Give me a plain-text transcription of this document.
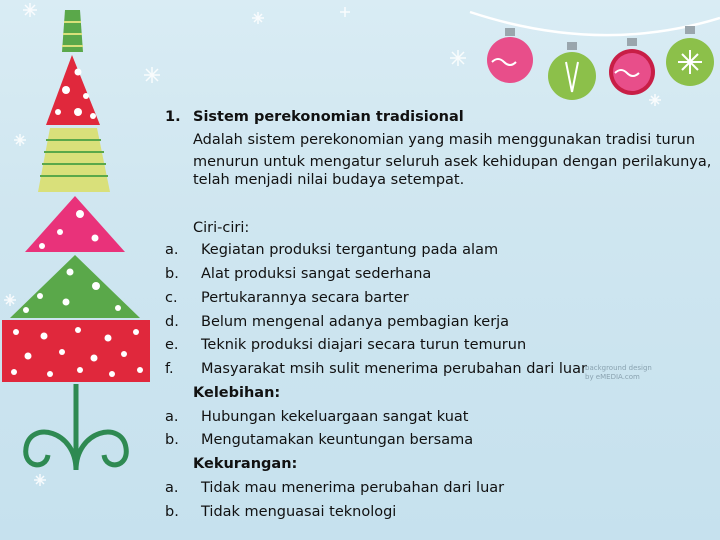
1. Sistem perekonomian tradisional
Adalah sistem perekonomian yang masih menggunakan tradisi turun
menurun untuk mengatur seluruh asek kehidupan dengan perilakunya,
telah menjadi nilai budaya setempat.
Ciri-ciri:
a. Kegiatan produksi tergantung pada alam
b. Alat produksi sangat sederhana
c. Pertukarannya secara barter
d. Belum mengenal adanya pembagian kerja
e. Teknik produksi diajari secara turun temurun
f. Masyarakat msih sulit menerima perubahan dari luar
background design
by eMEDIA.com
Kelebihan:
a. Hubungan kekeluargaan sangat kuat
b. Mengutamakan keuntungan bersama
Kekurangan:
a. Tidak mau menerima perubahan dari luar
b. Tidak menguasai teknologi
